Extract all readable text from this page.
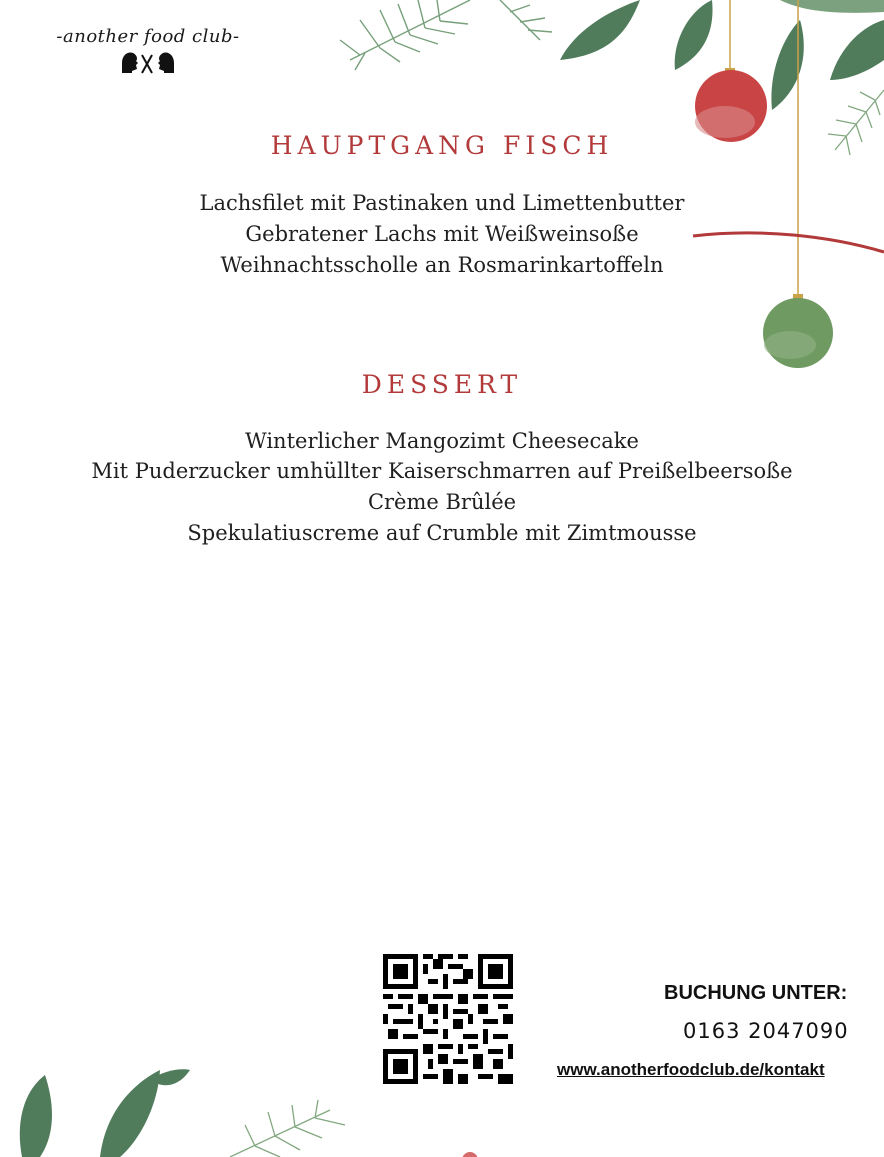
-another food club-
HAUPTGANG FISCH
Lachsfilet mit Pastinaken und Limettenbutter
Gebratener Lachs mit Weißweinsoße
Weihnachtsscholle an Rosmarinkartoffeln
DESSERT
Winterlicher Mangozimt Cheesecake
Mit Puderzucker umhüllter Kaiserschmarren auf Preißelbeersoße
Crème Brûlée
Spekulatiuscreme auf Crumble mit Zimtmousse
BUCHUNG UNTER:
0163 2047090
www.anotherfoodclub.de/kontakt
